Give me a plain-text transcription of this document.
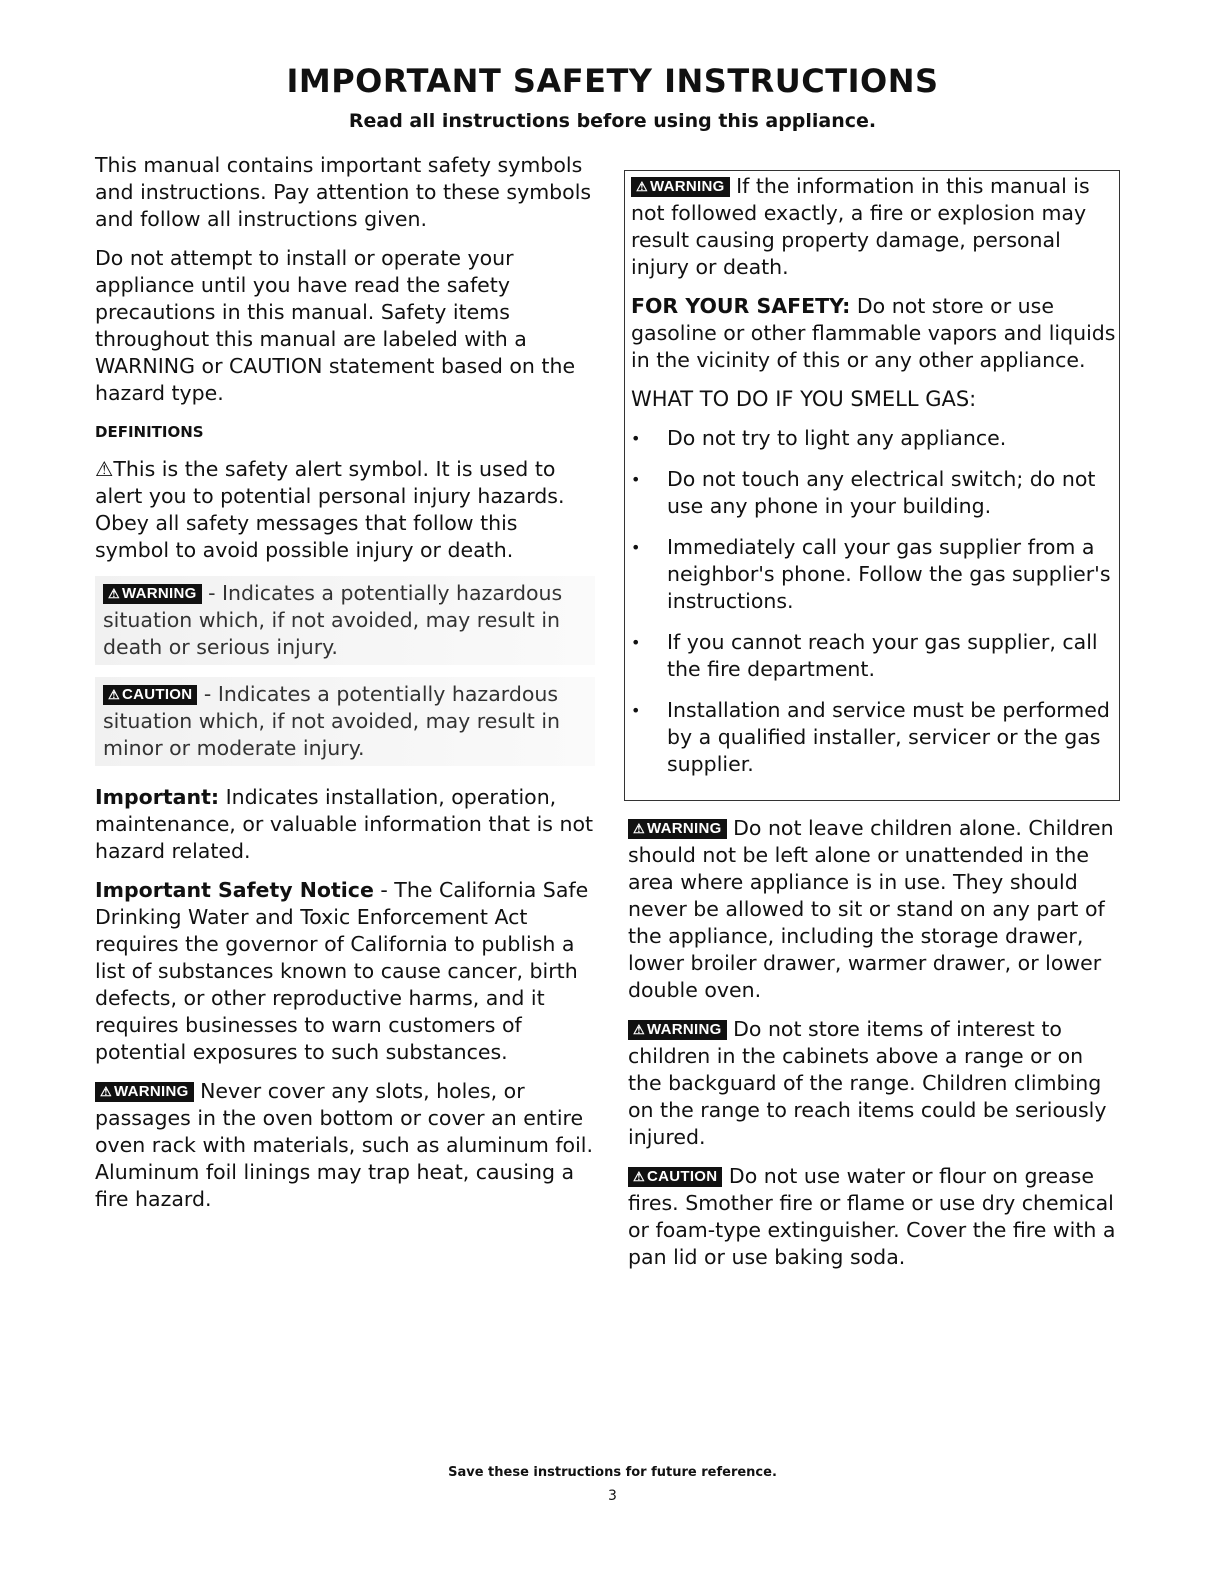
IMPORTANT SAFETY INSTRUCTIONS
Read all instructions before using this appliance.

This manual contains important safety symbols and instructions. Pay attention to these symbols and follow all instructions given.

Do not attempt to install or operate your appliance until you have read the safety precautions in this manual. Safety items throughout this manual are labeled with a WARNING or CAUTION statement based on the hazard type.

DEFINITIONS

⚠This is the safety alert symbol. It is used to alert you to potential personal injury hazards. Obey all safety messages that follow this symbol to avoid possible injury or death.

⚠ WARNING - Indicates a potentially hazardous situation which, if not avoided, may result in death or serious injury.

⚠ CAUTION - Indicates a potentially hazardous situation which, if not avoided, may result in minor or moderate injury.

Important: Indicates installation, operation, maintenance, or valuable information that is not hazard related.

Important Safety Notice - The California Safe Drinking Water and Toxic Enforcement Act requires the governor of California to publish a list of substances known to cause cancer, birth defects, or other reproductive harms, and it requires businesses to warn customers of potential exposures to such substances.

⚠ WARNING Never cover any slots, holes, or passages in the oven bottom or cover an entire oven rack with materials, such as aluminum foil. Aluminum foil linings may trap heat, causing a fire hazard.

⚠ WARNING If the information in this manual is not followed exactly, a fire or explosion may result causing property damage, personal injury or death.

FOR YOUR SAFETY: Do not store or use gasoline or other flammable vapors and liquids in the vicinity of this or any other appliance.

WHAT TO DO IF YOU SMELL GAS:

• Do not try to light any appliance.
• Do not touch any electrical switch; do not use any phone in your building.
• Immediately call your gas supplier from a neighbor's phone. Follow the gas supplier's instructions.
• If you cannot reach your gas supplier, call the fire department.
• Installation and service must be performed by a qualified installer, servicer or the gas supplier.

⚠ WARNING Do not leave children alone. Children should not be left alone or unattended in the area where appliance is in use. They should never be allowed to sit or stand on any part of the appliance, including the storage drawer, lower broiler drawer, warmer drawer, or lower double oven.

⚠ WARNING Do not store items of interest to children in the cabinets above a range or on the backguard of the range. Children climbing on the range to reach items could be seriously injured.

⚠ CAUTION Do not use water or flour on grease fires. Smother fire or flame or use dry chemical or foam-type extinguisher. Cover the fire with a pan lid or use baking soda.

Save these instructions for future reference.
3
